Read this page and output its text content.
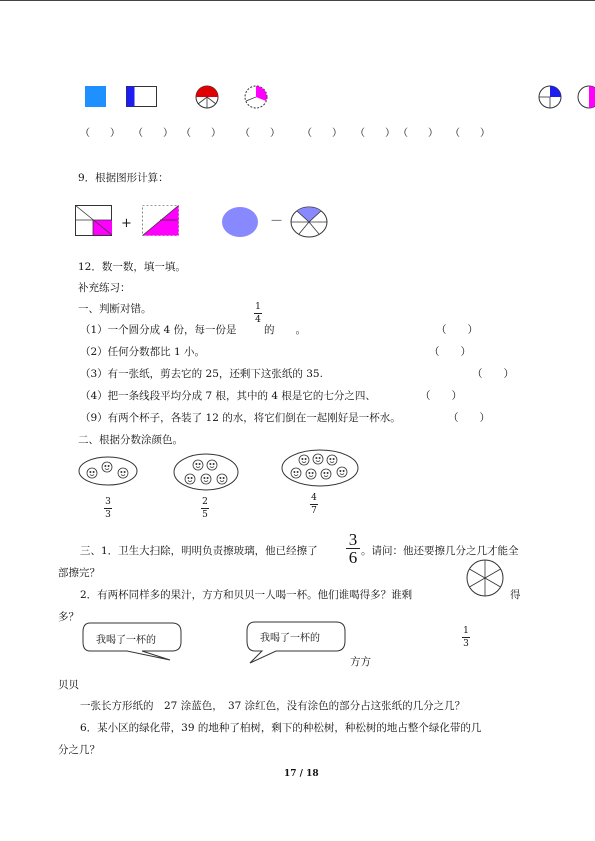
（　　） （　　） （　　） （　　） （　　） （　　） （　　） （　　）
9．根据图形计算：
+	－
12．数一数，填一填。
补充练习：
一、判断对错。
（1）一个圆分成 4 份，每一份是
1
4
的　　。	（　　）
（2）任何分数都比 1 小。	（　　）
（3）有一张纸，剪去它的 25，还剩下这张纸的 35.	（　　）
（4）把一条线段平均分成 7 根，其中的 4 根是它的七分之四、	（　　）
（9）有两个杯子，各装了 12 的水，将它们倒在一起刚好是一杯水。	（　　）
二、根据分数涂颜色。
3
3
2
5
4
7
三、1．卫生大扫除，明明负责擦玻璃，他已经擦了
3
6 。请问：他还要擦几分之几才能全
部擦完？
2．有两杯同样多的果汁，方方和贝贝一人喝一杯。他们谁喝得多？谁剩	得
多？
我喝了一杯的	我喝了一杯的
1
3
方方
贝贝
一张长方形纸的　27 涂蓝色，　37 涂红色，没有涂色的部分占这张纸的几分之几？
6．某小区的绿化带，39 的地种了柏树，剩下的种松树，种松树的地占整个绿化带的几
分之几？
17 / 18
